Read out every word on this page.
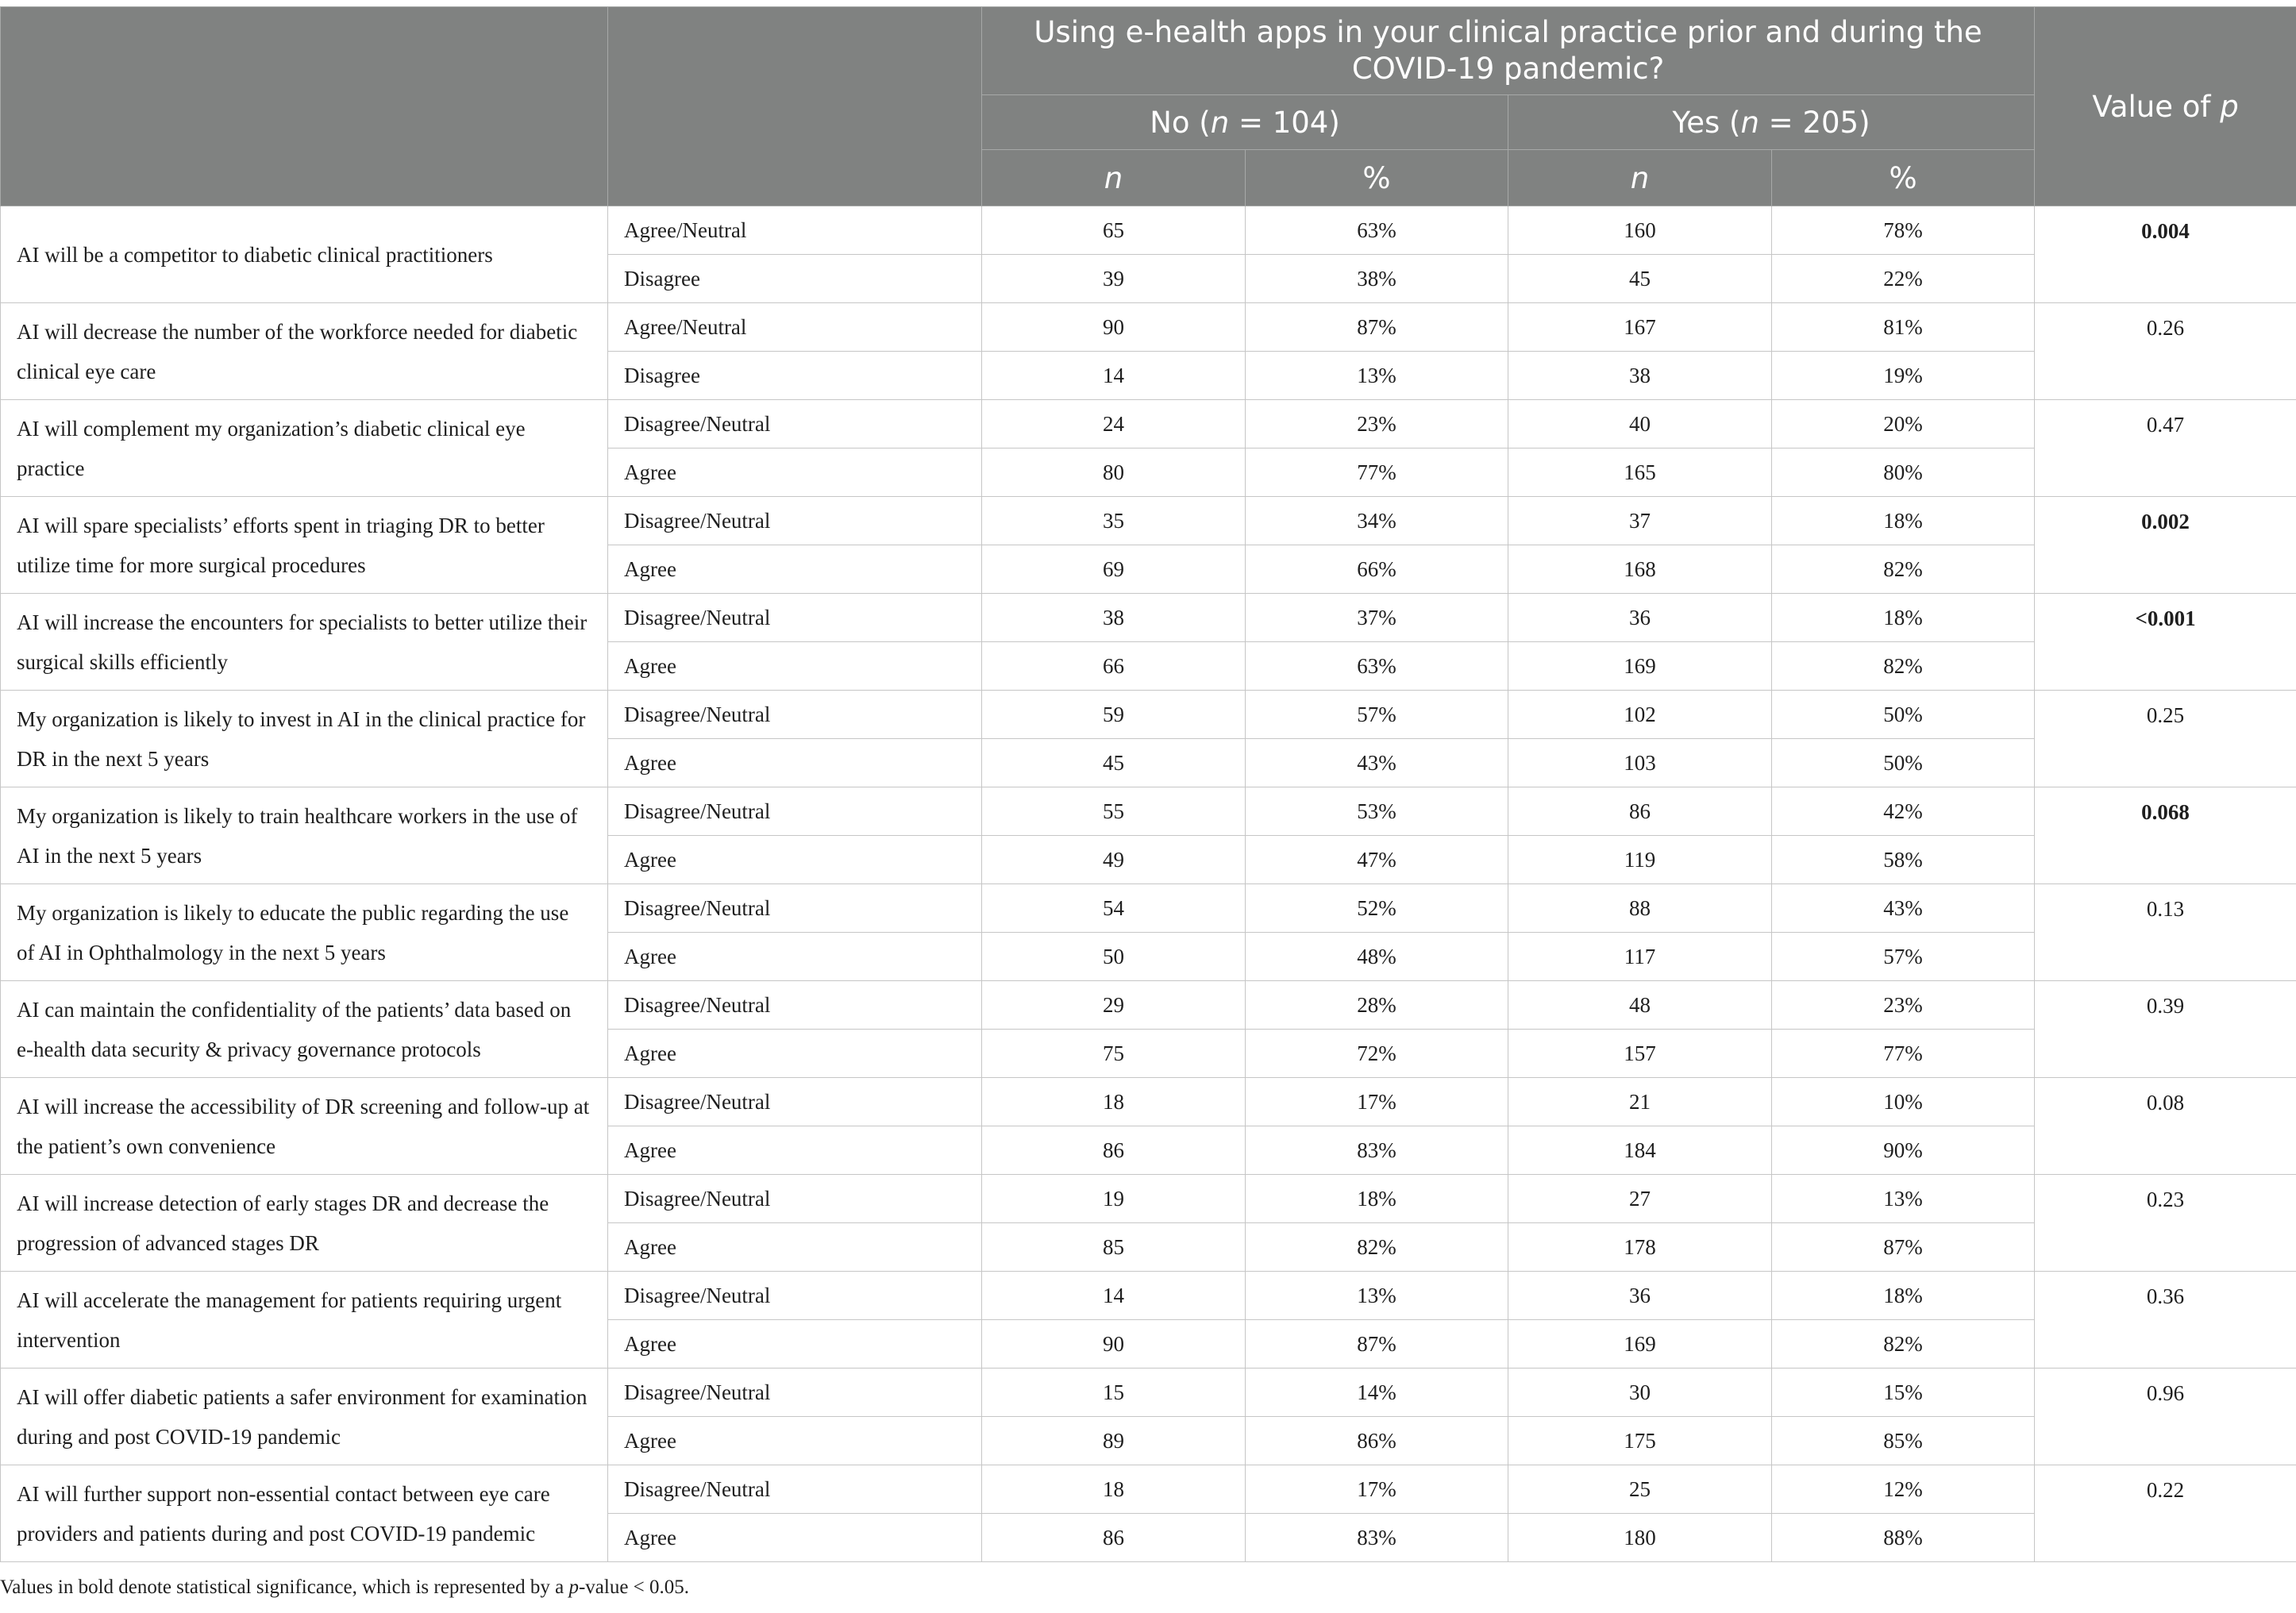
		Using e-health apps in your clinical practice prior and during the COVID-19 pandemic?				Value of p
		No (n = 104)		Yes (n = 205)		
		n	%	n	%	
AI will be a competitor to diabetic clinical practitioners	Agree/Neutral	65	63%	160	78%	0.004
	Disagree	39	38%	45	22%	
AI will decrease the number of the workforce needed for diabetic clinical eye care	Agree/Neutral	90	87%	167	81%	0.26
	Disagree	14	13%	38	19%	
AI will complement my organization’s diabetic clinical eye practice	Disagree/Neutral	24	23%	40	20%	0.47
	Agree	80	77%	165	80%	
AI will spare specialists’ efforts spent in triaging DR to better utilize time for more surgical procedures	Disagree/Neutral	35	34%	37	18%	0.002
	Agree	69	66%	168	82%	
AI will increase the encounters for specialists to better utilize their surgical skills efficiently	Disagree/Neutral	38	37%	36	18%	<0.001
	Agree	66	63%	169	82%	
My organization is likely to invest in AI in the clinical practice for DR in the next 5 years	Disagree/Neutral	59	57%	102	50%	0.25
	Agree	45	43%	103	50%	
My organization is likely to train healthcare workers in the use of AI in the next 5 years	Disagree/Neutral	55	53%	86	42%	0.068
	Agree	49	47%	119	58%	
My organization is likely to educate the public regarding the use of AI in Ophthalmology in the next 5 years	Disagree/Neutral	54	52%	88	43%	0.13
	Agree	50	48%	117	57%	
AI can maintain the confidentiality of the patients’ data based on e-health data security & privacy governance protocols	Disagree/Neutral	29	28%	48	23%	0.39
	Agree	75	72%	157	77%	
AI will increase the accessibility of DR screening and follow-up at the patient’s own convenience	Disagree/Neutral	18	17%	21	10%	0.08
	Agree	86	83%	184	90%	
AI will increase detection of early stages DR and decrease the progression of advanced stages DR	Disagree/Neutral	19	18%	27	13%	0.23
	Agree	85	82%	178	87%	
AI will accelerate the management for patients requiring urgent intervention	Disagree/Neutral	14	13%	36	18%	0.36
	Agree	90	87%	169	82%	
AI will offer diabetic patients a safer environment for examination during and post COVID-19 pandemic	Disagree/Neutral	15	14%	30	15%	0.96
	Agree	89	86%	175	85%	
AI will further support non-essential contact between eye care providers and patients during and post COVID-19 pandemic	Disagree/Neutral	18	17%	25	12%	0.22
	Agree	86	83%	180	88%	
Values in bold denote statistical significance, which is represented by a p-value < 0.05.
